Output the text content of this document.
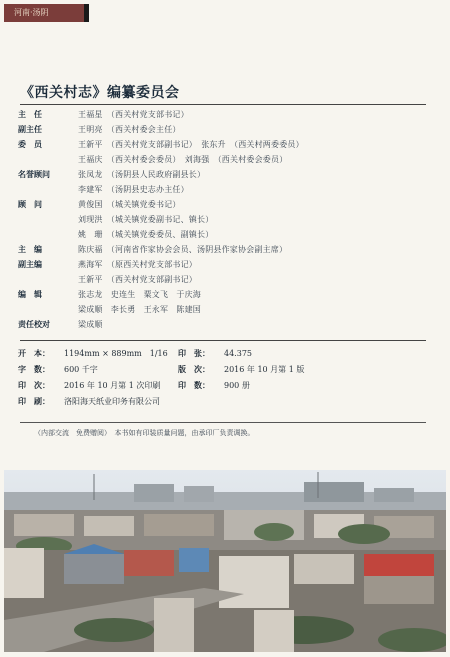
河南·汤阴
《西关村志》编纂委员会
主　任	王福星　（西关村党支部书记）
副主任	王明亮　（西关村委会主任）
委　员	王新平　（西关村党支部副书记）　张东升　（西关村两委委员）
王福庆　（西关村委会委员）　刘海强　（西关村委会委员）
名誉顾问	张凤龙　（汤阴县人民政府副县长）
李建军　（汤阴县史志办主任）
顾　问	黄俊国　（城关镇党委书记）
刘现洪　（城关镇党委副书记、镇长）
姚　珊　（城关镇党委委员、副镇长）
主　编	陈庆福　（河南省作家协会会员、汤阴县作家协会副主席）
副主编	燕海军　（原西关村党支部书记）
王新平　（西关村党支部副书记）
编　辑	张志龙　史连生　粟文飞　于庆海
梁成顺　李长勇　王永军　陈建国
责任校对	梁成顺
开　本：	1194mm × 889mm　1/16 印　张：	44.375
字　数：	600 千字	版　次：	2016 年 10 月第 1 版
印　次：	2016 年 10 月第 1 次印刷 印　数：	900 册
印　刷：	洛阳海天纸业印务有限公司
（内部交流　免费赠阅）　本书如有印装质量问题，由承印厂负责调换。
